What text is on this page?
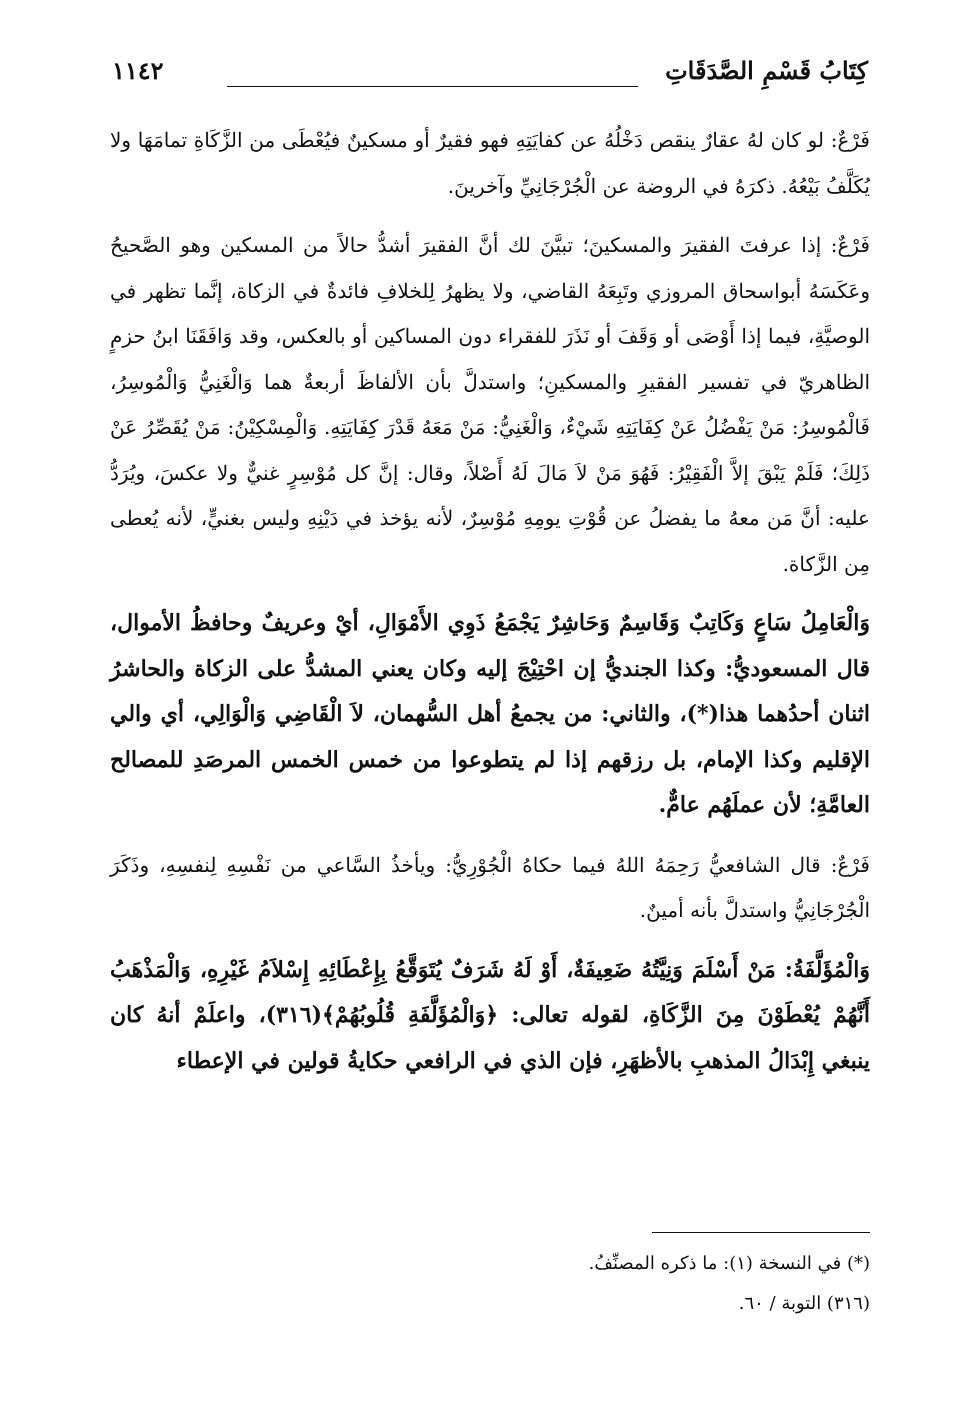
كِتَابُ قَسْمِ الصَّدَقَاتِ
١١٤٢

فَرْعٌ: لو كان لهُ عقارٌ ينقص دَخْلُهُ عن كفايَتِهِ فهو فقيرٌ أو مسكينٌ فيُعْطَى من الزَّكَاةِ تمامَهَا ولا يُكَلَّفُ بَيْعُهُ. ذكرَهُ في الروضة عن الْجُرْجَانِيِّ وآخرينَ.

فَرْعٌ: إذا عرفتَ الفقيرَ والمسكينَ؛ تبيَّنَ لك أنَّ الفقيرَ أشدُّ حالاً من المسكين وهو الصَّحيحُ وعَكَسَهُ أبواسحاق المروزي وتَبِعَهُ القاضي، ولا يظهرُ لِلخلافِ فائدةٌ في الزكاة، إنَّما تظهر في الوصيَّةِ، فيما إذا أَوْصَى أو وَقَفَ أو نَذَرَ للفقراء دون المساكين أو بالعكس، وقد وَافَقَنَا ابنُ حزمٍ الظاهريّ في تفسير الفقيرِ والمسكينِ؛ واستدلَّ بأن الألفاظَ أربعةٌ هما وَالْغَنِيُّ وَالْمُوسِرُ، فَالْمُوسِرُ: مَنْ يَفْضُلُ عَنْ كِفَايَتِهِ شَيْءٌ، وَالْغَنِيُّ: مَنْ مَعَهُ قَدْرَ كِفَايَتِهِ. وَالْمِسْكِيْنُ: مَنْ يُقَصِّرُ عَنْ ذَلِكَ؛ فَلَمْ يَبْقَ إلاَّ الْفَقِيْرُ: فَهُوَ مَنْ لاَ مَالَ لَهُ أَصْلاً، وقال: إنَّ كل مُوْسِرٍ غنيٌّ ولا عكسَ، ويُرَدُّ عليه: أنَّ مَن معهُ ما يفضلُ عن قُوْتِ يومِهِ مُوْسِرٌ، لأنه يؤخذ في دَيْنِهِ وليس بغنيٍّ، لأنه يُعطى مِن الزَّكاة.

وَالْعَامِلُ سَاعٍ وَكَاتِبٌ وَقَاسِمٌ وَحَاشِرٌ يَجْمَعُ ذَوِي الأَمْوَالِ، أيْ وعريفٌ وحافظُ الأموال، قال المسعوديُّ: وكذا الجنديُّ إن احْتِيْجَ إليه وكان يعني المشدُّ على الزكاة والحاشرُ اثنان أحدُهما هذا(*)، والثاني: من يجمعُ أهل السُّهمان، لاَ الْقَاضِي وَالْوَالِي، أي والي الإقليم وكذا الإمام، بل رزقهم إذا لم يتطوعوا من خمس الخمس المرصَدِ للمصالح العامَّةِ؛ لأن عملَهُم عامٌّ.

فَرْعٌ: قال الشافعيُّ رَحِمَهُ اللهُ فيما حكاهُ الْجُوْرِيُّ: ويأخذُ السَّاعي من نَفْسِهِ لِنفسِهِ، وذَكَرَ الْجُرْجَانِيُّ واستدلَّ بأنه أمينٌ.

وَالْمُؤَلَّفَةُ: مَنْ أَسْلَمَ وَنِيَّتُهُ ضَعِيفَةٌ، أَوْ لَهُ شَرَفٌ يُتَوَقَّعُ بِإِعْطَائِهِ إِسْلاَمُ غَيْرِهِ، وَالْمَذْهَبُ أَنَّهُمْ يُعْطَوْنَ مِنَ الزَّكَاةِ، لقوله تعالى: ﴿وَالْمُؤَلَّفَةِ قُلُوبُهُمْ﴾(٣١٦)، واعلَمْ أنهُ كان ينبغي إِبْدَالُ المذهبِ بالأظهَرِ، فإن الذي في الرافعي حكايةُ قولين في الإعطاء

(*) في النسخة (١): ما ذكره المصنِّفُ.

(٣١٦) التوبة / ٦٠.
